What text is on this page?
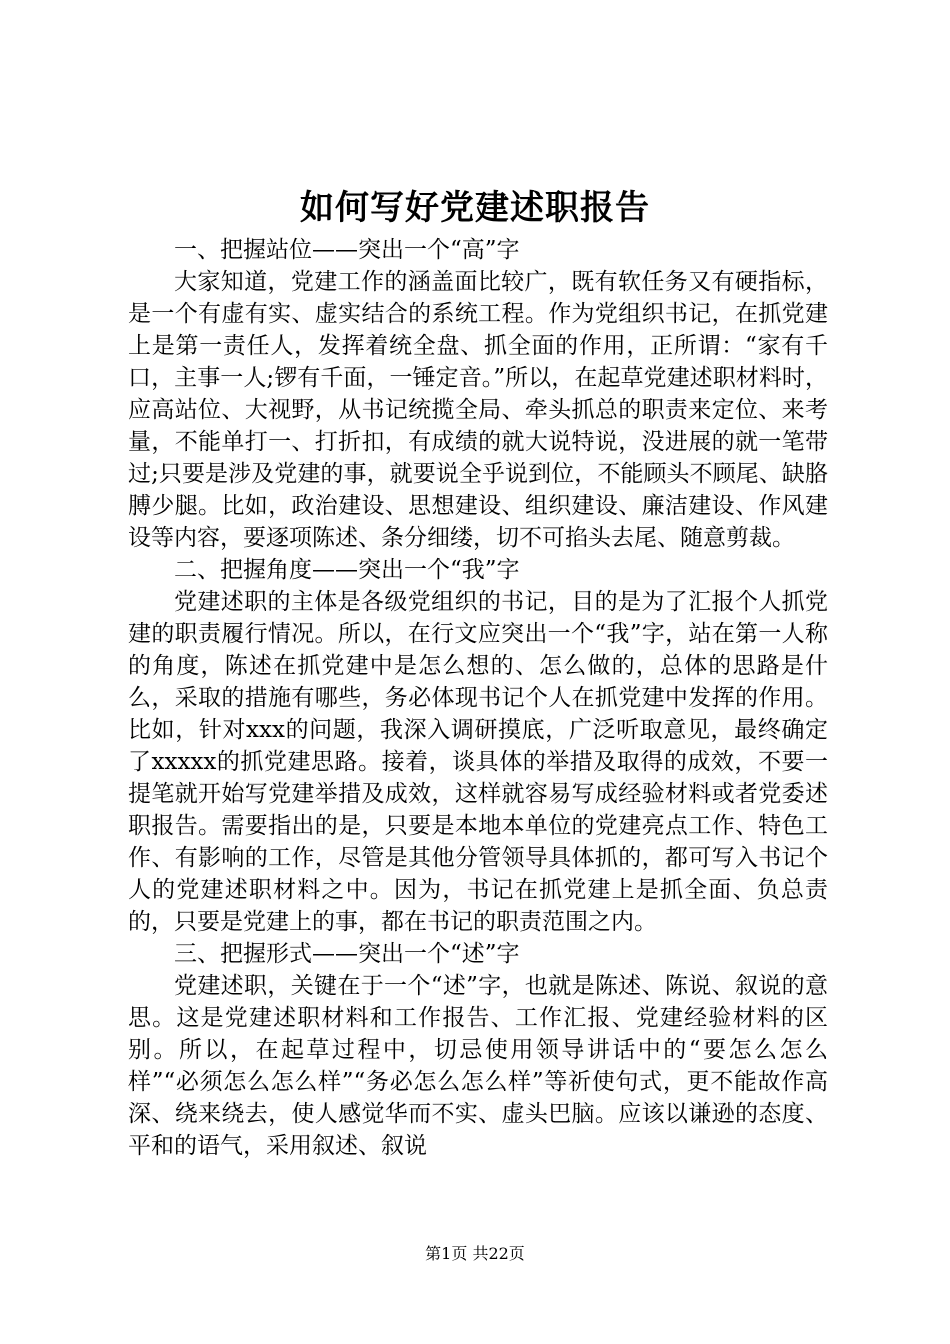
如何写好党建述职报告

一、把握站位——突出一个“高”字

大家知道，党建工作的涵盖面比较广，既有软任务又有硬指标，是一个有虚有实、虚实结合的系统工程。作为党组织书记，在抓党建上是第一责任人，发挥着统全盘、抓全面的作用，正所谓：“家有千口，主事一人;锣有千面，一锤定音。”所以，在起草党建述职材料时，应高站位、大视野，从书记统揽全局、牵头抓总的职责来定位、来考量，不能单打一、打折扣，有成绩的就大说特说，没进展的就一笔带过;只要是涉及党建的事，就要说全乎说到位，不能顾头不顾尾、缺胳膊少腿。比如，政治建设、思想建设、组织建设、廉洁建设、作风建设等内容，要逐项陈述、条分细缕，切不可掐头去尾、随意剪裁。

二、把握角度——突出一个“我”字

党建述职的主体是各级党组织的书记，目的是为了汇报个人抓党建的职责履行情况。所以，在行文应突出一个“我”字，站在第一人称的角度，陈述在抓党建中是怎么想的、怎么做的，总体的思路是什么，采取的措施有哪些，务必体现书记个人在抓党建中发挥的作用。比如，针对xxx的问题，我深入调研摸底，广泛听取意见，最终确定了xxxxx的抓党建思路。接着，谈具体的举措及取得的成效，不要一提笔就开始写党建举措及成效，这样就容易写成经验材料或者党委述职报告。需要指出的是，只要是本地本单位的党建亮点工作、特色工作、有影响的工作，尽管是其他分管领导具体抓的，都可写入书记个人的党建述职材料之中。因为，书记在抓党建上是抓全面、负总责的，只要是党建上的事，都在书记的职责范围之内。

三、把握形式——突出一个“述”字

党建述职，关键在于一个“述”字，也就是陈述、陈说、叙说的意思。这是党建述职材料和工作报告、工作汇报、党建经验材料的区别。所以，在起草过程中，切忌使用领导讲话中的“要怎么怎么样”“必须怎么怎么样”“务必怎么怎么样”等祈使句式，更不能故作高深、绕来绕去，使人感觉华而不实、虚头巴脑。应该以谦逊的态度、平和的语气，采用叙述、叙说

第1页 共22页
